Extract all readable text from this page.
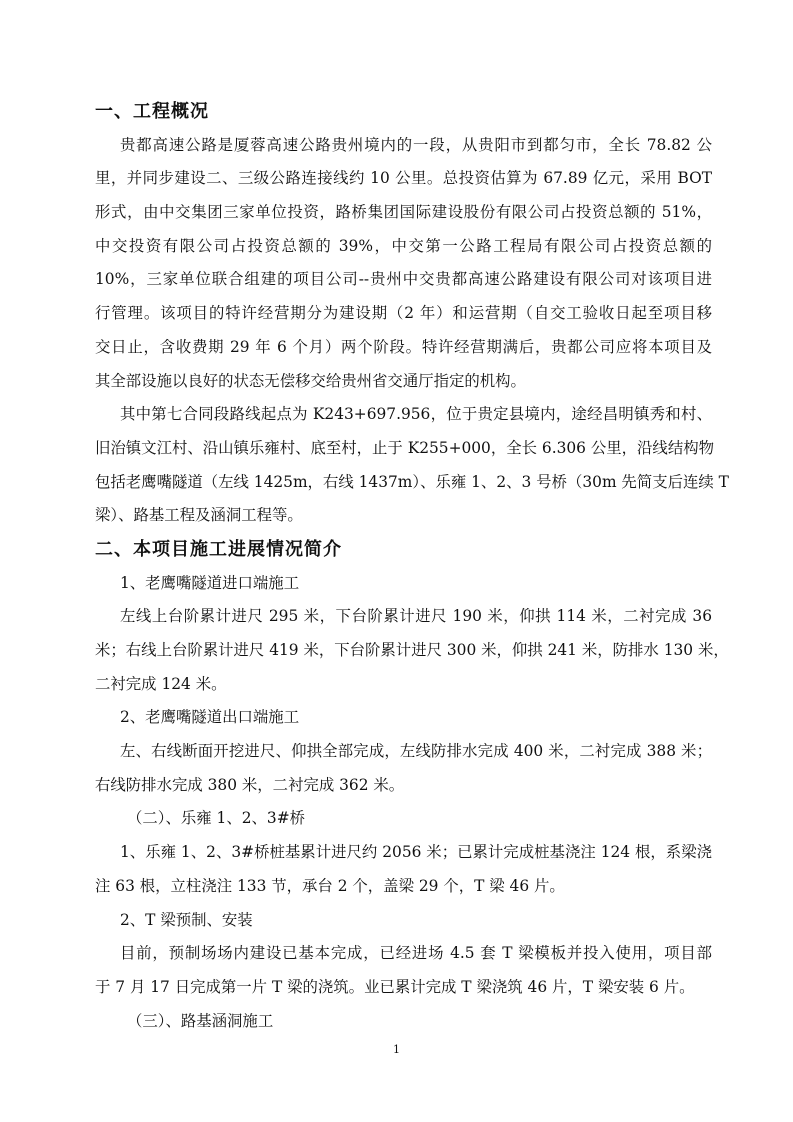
一、工程概况
贵都高速公路是厦蓉高速公路贵州境内的一段，从贵阳市到都匀市，全长 78.82 公
里，并同步建设二、三级公路连接线约 10 公里。总投资估算为 67.89 亿元，采用 BOT
形式，由中交集团三家单位投资，路桥集团国际建设股份有限公司占投资总额的 51%，
中交投资有限公司占投资总额的 39%，中交第一公路工程局有限公司占投资总额的
10%，三家单位联合组建的项目公司--贵州中交贵都高速公路建设有限公司对该项目进
行管理。该项目的特许经营期分为建设期（2 年）和运营期（自交工验收日起至项目移
交日止，含收费期 29 年 6 个月）两个阶段。特许经营期满后，贵都公司应将本项目及
其全部设施以良好的状态无偿移交给贵州省交通厅指定的机构。
其中第七合同段路线起点为 K243+697.956，位于贵定县境内，途经昌明镇秀和村、
旧治镇文江村、沿山镇乐雍村、底至村，止于 K255+000，全长 6.306 公里，沿线结构物
包括老鹰嘴隧道（左线 1425m，右线 1437m）、乐雍 1、2、3 号桥（30m 先简支后连续 T
梁）、路基工程及涵洞工程等。
二、本项目施工进展情况简介
1、老鹰嘴隧道进口端施工
左线上台阶累计进尺 295 米，下台阶累计进尺 190 米，仰拱 114 米，二衬完成 36
米；右线上台阶累计进尺 419 米，下台阶累计进尺 300 米，仰拱 241 米，防排水 130 米，
二衬完成 124 米。
2、老鹰嘴隧道出口端施工
左、右线断面开挖进尺、仰拱全部完成，左线防排水完成 400 米，二衬完成 388 米；
右线防排水完成 380 米，二衬完成 362 米。
（二）、乐雍 1、2、3#桥
1、乐雍 1、2、3#桥桩基累计进尺约 2056 米；已累计完成桩基浇注 124 根，系梁浇
注 63 根，立柱浇注 133 节，承台 2 个，盖梁 29 个，T 梁 46 片。
2、T 梁预制、安装
目前，预制场场内建设已基本完成，已经进场 4.5 套 T 梁模板并投入使用，项目部
于 7 月 17 日完成第一片 T 梁的浇筑。业已累计完成 T 梁浇筑 46 片，T 梁安装 6 片。
（三）、路基涵洞施工
1
